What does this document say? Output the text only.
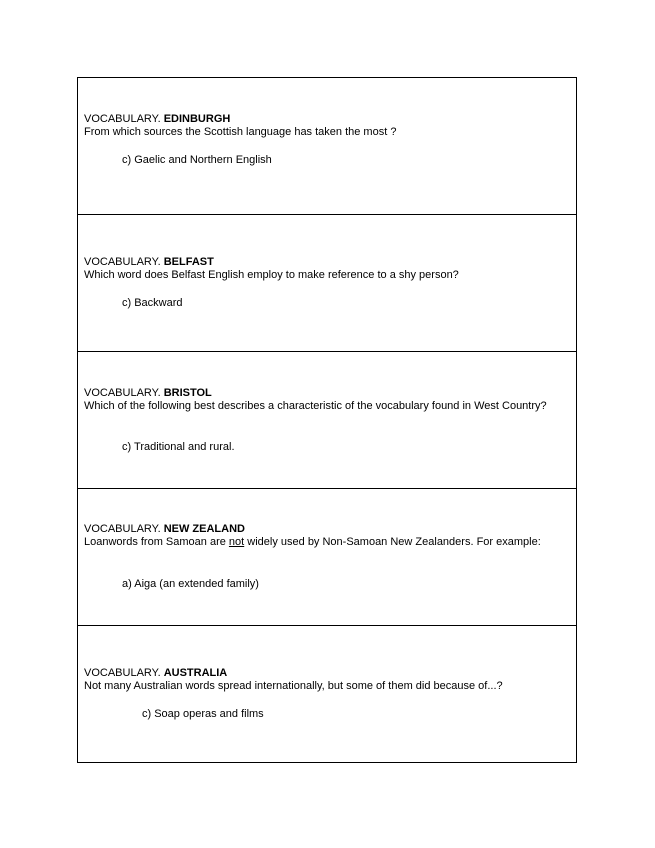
VOCABULARY. EDINBURGH

From which sources the Scottish language has taken the most ?

c) Gaelic and Northern English

VOCABULARY. BELFAST

Which word does Belfast English employ to make reference to a shy person?

c) Backward

VOCABULARY. BRISTOL

Which of the following best describes a characteristic of the vocabulary found in West Country?

c) Traditional and rural.

VOCABULARY. NEW ZEALAND

Loanwords from Samoan are not widely used by Non-Samoan New Zealanders. For example:

a) Aiga (an extended family)

VOCABULARY. AUSTRALIA

Not many Australian words spread internationally, but some of them did because of...?

c) Soap operas and films
